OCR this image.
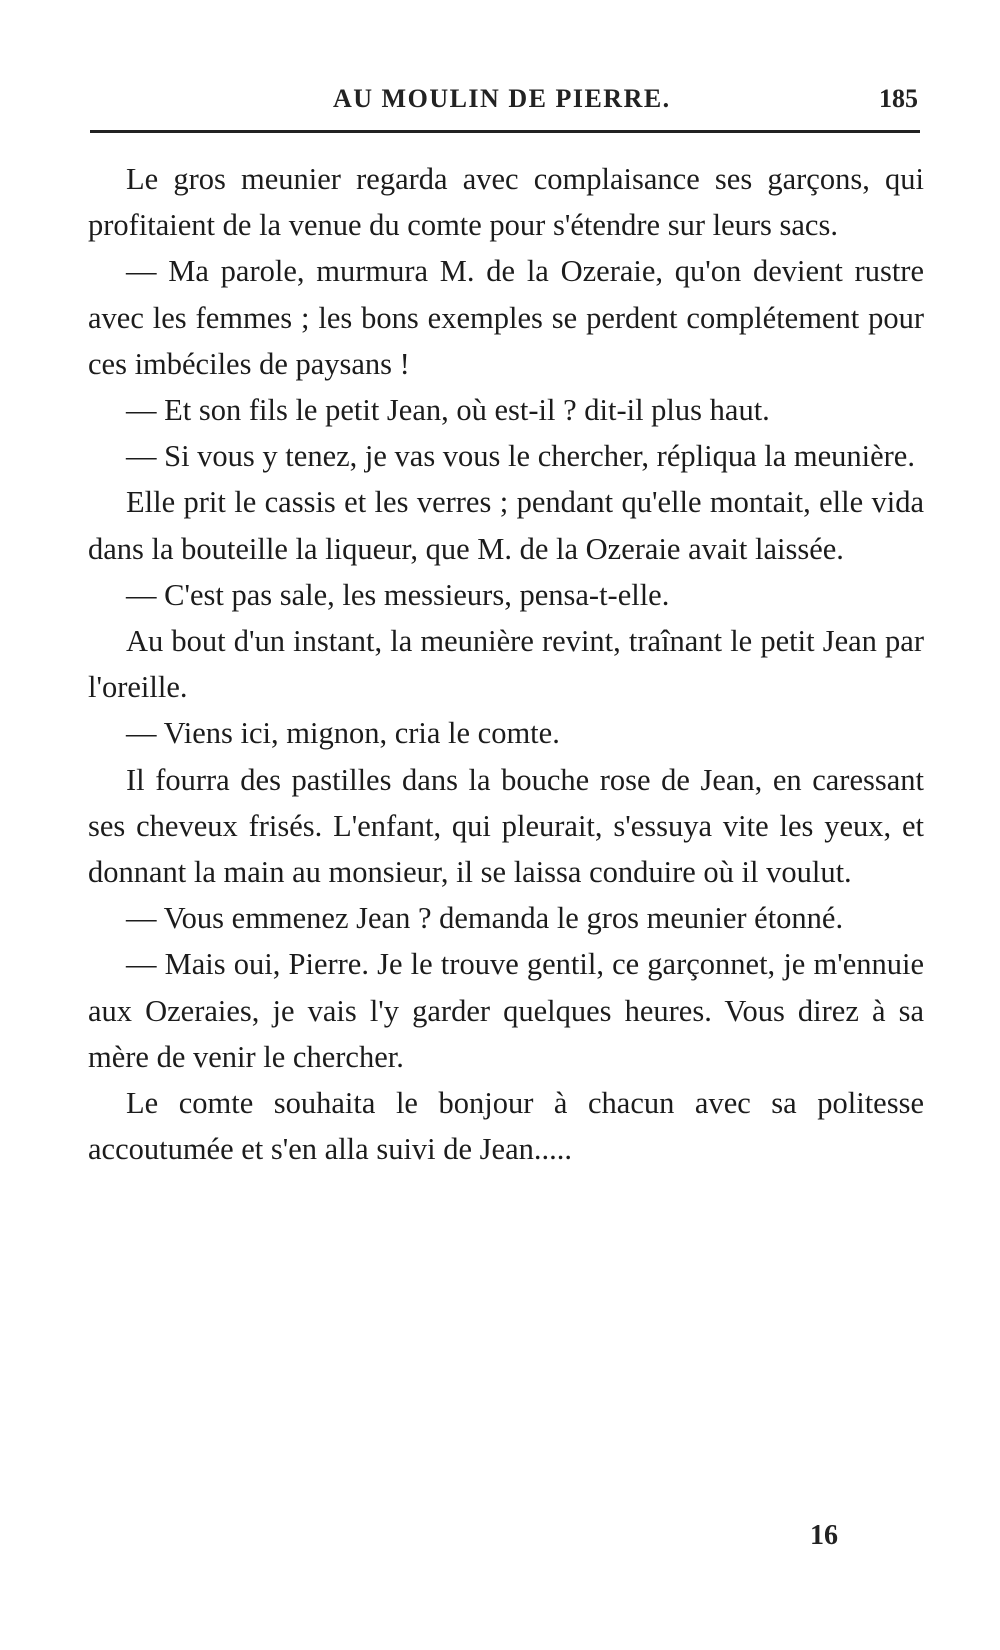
AU MOULIN DE PIERRE.	185

Le gros meunier regarda avec complaisance ses garçons, qui profitaient de la venue du comte pour s'étendre sur leurs sacs.

— Ma parole, murmura M. de la Ozeraie, qu'on devient rustre avec les femmes ; les bons exemples se perdent complétement pour ces imbéciles de paysans !

— Et son fils le petit Jean, où est-il ? dit-il plus haut.

— Si vous y tenez, je vas vous le chercher, répliqua la meunière.

Elle prit le cassis et les verres ; pendant qu'elle montait, elle vida dans la bouteille la liqueur, que M. de la Ozeraie avait laissée.

— C'est pas sale, les messieurs, pensa-t-elle.

Au bout d'un instant, la meunière revint, traînant le petit Jean par l'oreille.

— Viens ici, mignon, cria le comte.

Il fourra des pastilles dans la bouche rose de Jean, en caressant ses cheveux frisés. L'enfant, qui pleurait, s'essuya vite les yeux, et donnant la main au monsieur, il se laissa conduire où il voulut.

— Vous emmenez Jean ? demanda le gros meunier étonné.

— Mais oui, Pierre. Je le trouve gentil, ce garçonnet, je m'ennuie aux Ozeraies, je vais l'y garder quelques heures. Vous direz à sa mère de venir le chercher.

Le comte souhaita le bonjour à chacun avec sa politesse accoutumée et s'en alla suivi de Jean.....

16
